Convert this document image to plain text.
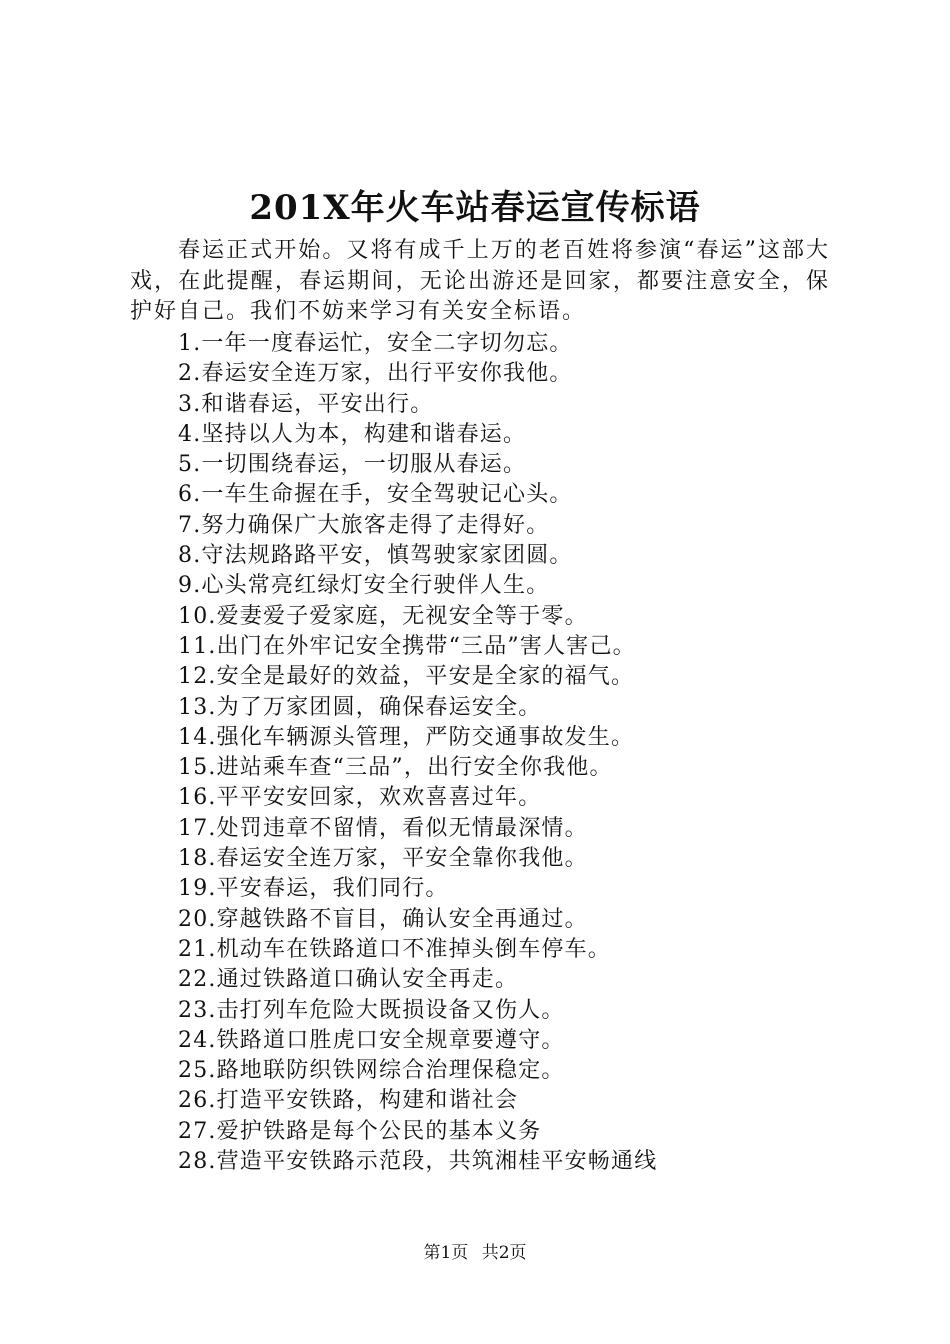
201X年火车站春运宣传标语
春运正式开始。又将有成千上万的老百姓将参演“春运”这部大戏，在此提醒，春运期间，无论出游还是回家，都要注意安全，保护好自己。我们不妨来学习有关安全标语。
1.一年一度春运忙，安全二字切勿忘。
2.春运安全连万家，出行平安你我他。
3.和谐春运，平安出行。
4.坚持以人为本，构建和谐春运。
5.一切围绕春运，一切服从春运。
6.一车生命握在手，安全驾驶记心头。
7.努力确保广大旅客走得了走得好。
8.守法规路路平安，慎驾驶家家团圆。
9.心头常亮红绿灯安全行驶伴人生。
10.爱妻爱子爱家庭，无视安全等于零。
11.出门在外牢记安全携带“三品”害人害己。
12.安全是最好的效益，平安是全家的福气。
13.为了万家团圆，确保春运安全。
14.强化车辆源头管理，严防交通事故发生。
15.进站乘车查“三品”，出行安全你我他。
16.平平安安回家，欢欢喜喜过年。
17.处罚违章不留情，看似无情最深情。
18.春运安全连万家，平安全靠你我他。
19.平安春运，我们同行。
20.穿越铁路不盲目，确认安全再通过。
21.机动车在铁路道口不准掉头倒车停车。
22.通过铁路道口确认安全再走。
23.击打列车危险大既损设备又伤人。
24.铁路道口胜虎口安全规章要遵守。
25.路地联防织铁网综合治理保稳定。
26.打造平安铁路，构建和谐社会
27.爱护铁路是每个公民的基本义务
28.营造平安铁路示范段，共筑湘桂平安畅通线
第1页 共2页
